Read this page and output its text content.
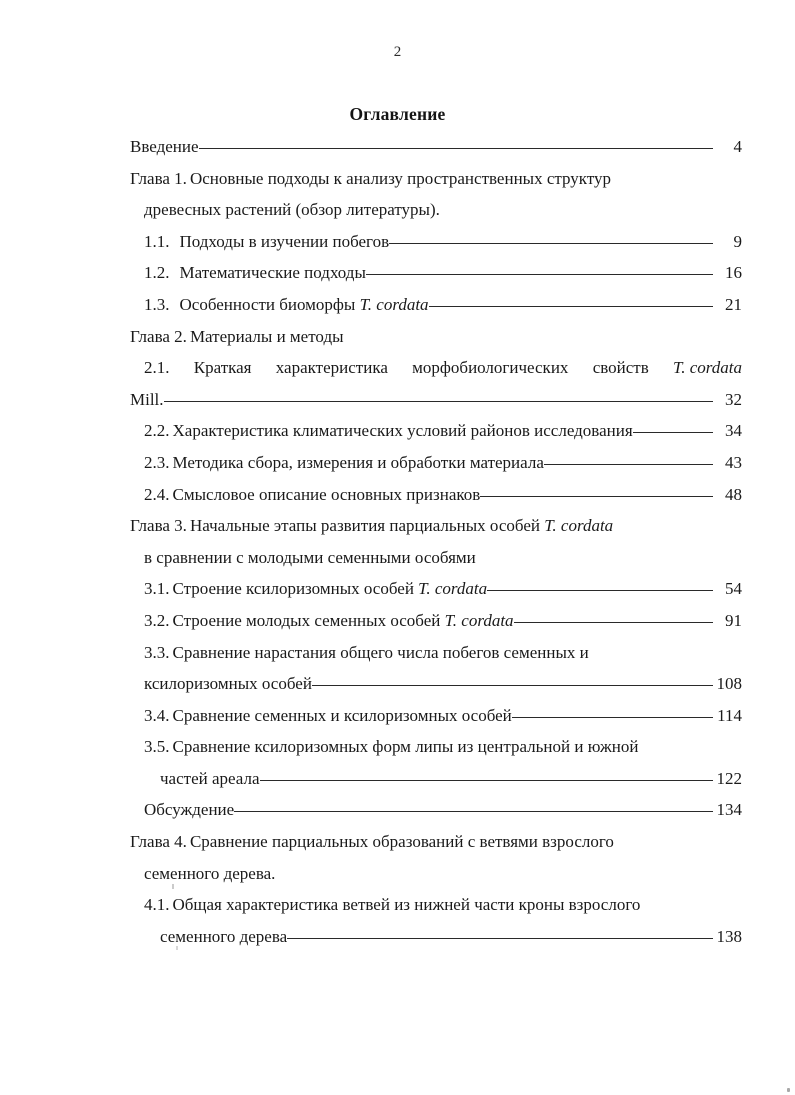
2
Оглавление
Введение	4
Глава 1. Основные подходы к анализу пространственных структур
древесных растений (обзор литературы).
1.1. Подходы в изучении побегов	9
1.2. Математические подходы	16
1.3. Особенности биоморфы T. cordata	21
Глава 2. Материалы и методы
2.1. Краткая характеристика морфобиологических свойств T. cordata
Mill.	32
2.2. Характеристика климатических условий районов исследования	34
2.3. Методика сбора, измерения и обработки материала	43
2.4. Смысловое описание основных признаков	48
Глава 3. Начальные этапы развития парциальных особей T. cordata
в сравнении с молодыми семенными особями
3.1. Строение ксилоризомных особей T. cordata	54
3.2. Строение молодых семенных особей T. cordata	91
3.3. Сравнение нарастания общего числа побегов семенных и
ксилоризомных особей	108
3.4. Сравнение семенных и ксилоризомных особей	114
3.5. Сравнение ксилоризомных форм липы из центральной и южной
частей ареала	122
Обсуждение	134
Глава 4. Сравнение парциальных образований с ветвями взрослого
семенного дерева.
4.1. Общая характеристика ветвей из нижней части кроны взрослого
семенного дерева	138
